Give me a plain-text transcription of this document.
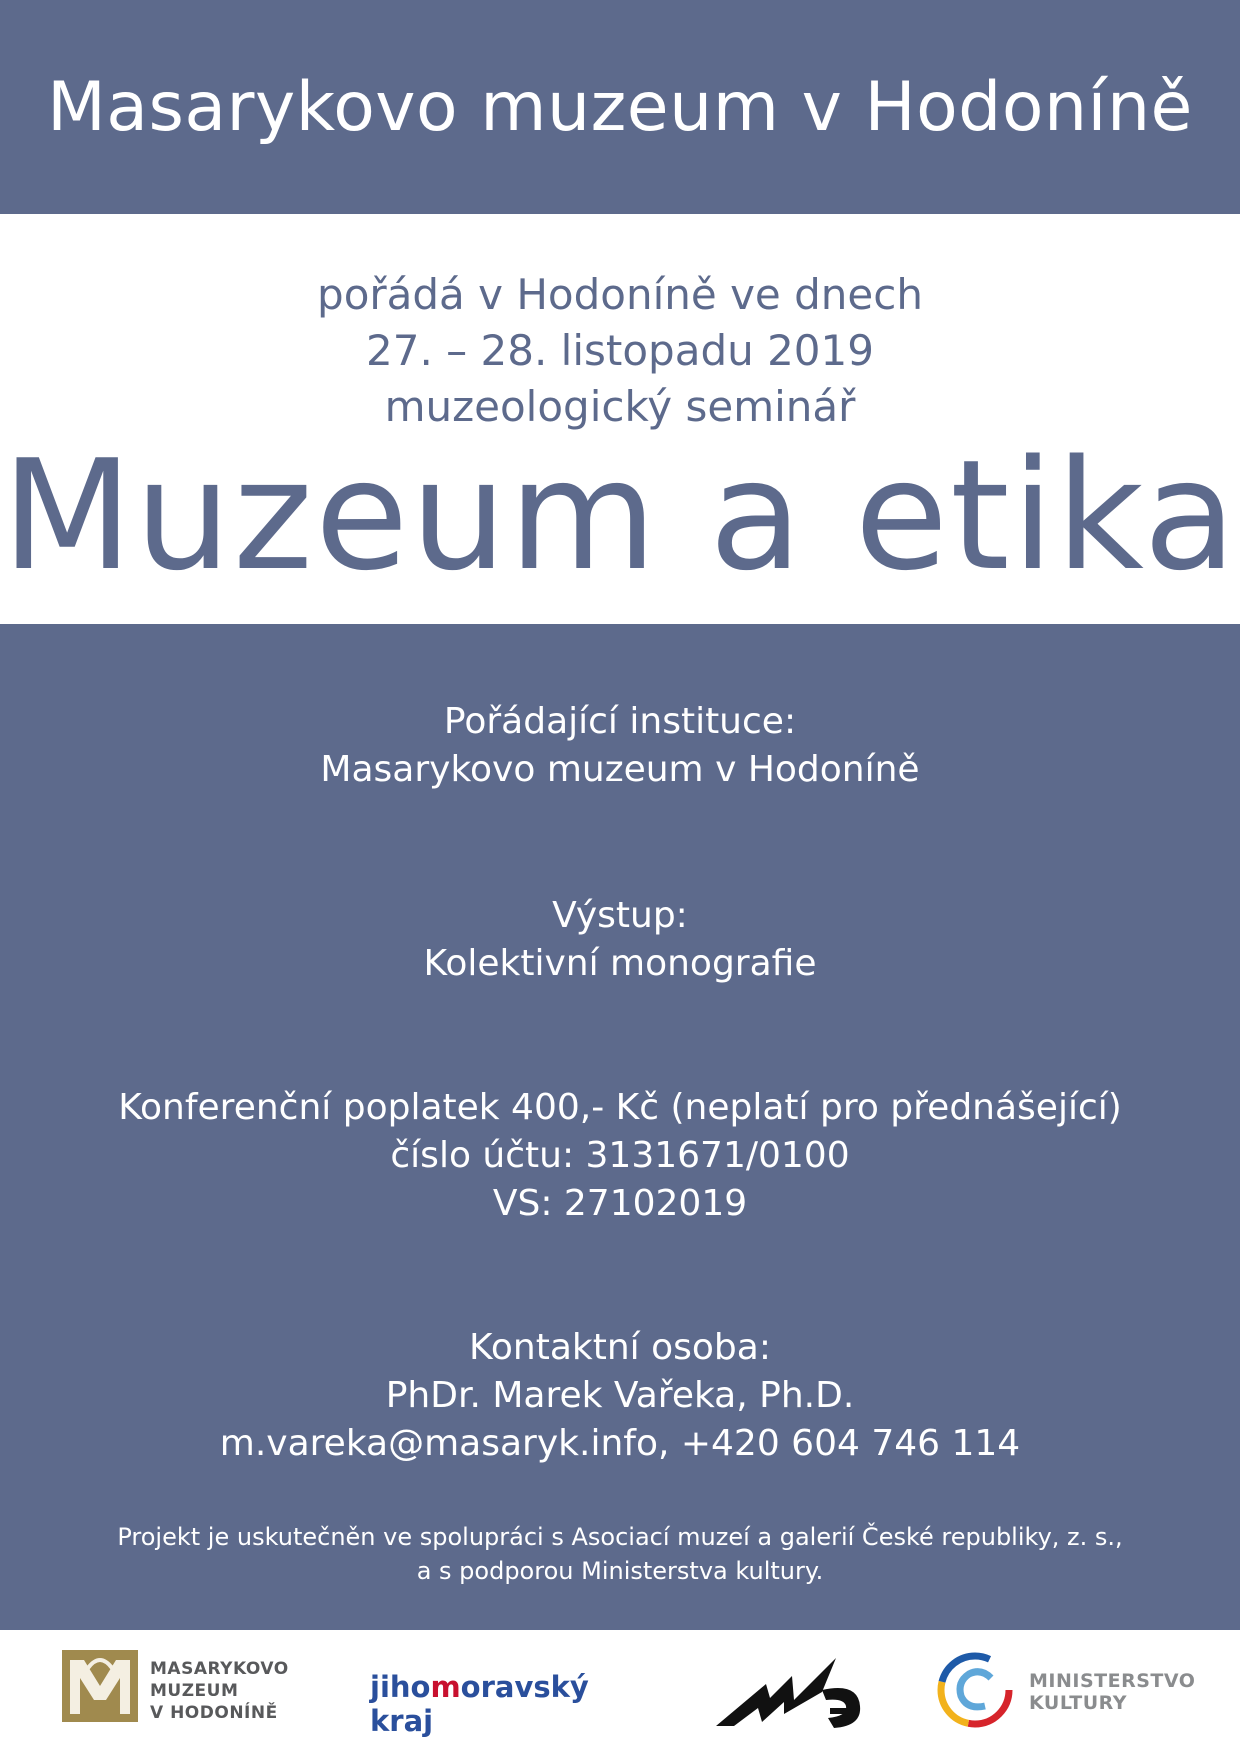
Masarykovo muzeum v Hodoníně
pořádá v Hodoníně ve dnech
27. – 28. listopadu 2019
muzeologický seminář
Muzeum a etika

Pořádající instituce:

Masarykovo muzeum v Hodoníně

Výstup:

Kolektivní monografie

Konferenční poplatek 400,- Kč (neplatí pro přednášející)

číslo účtu: 3131671/0100

VS: 27102019

Kontaktní osoba:

PhDr. Marek Vařeka, Ph.D.

m.vareka@masaryk.info, +420 604 746 114

Projekt je uskutečněn ve spolupráci s Asociací muzeí a galerií České republiky, z. s.,

a s podporou Ministerstva kultury.

MASARYKOVO
MUZEUM
V HODONÍNĚ
jihomoravský kraj
MINISTERSTVO
KULTURY
